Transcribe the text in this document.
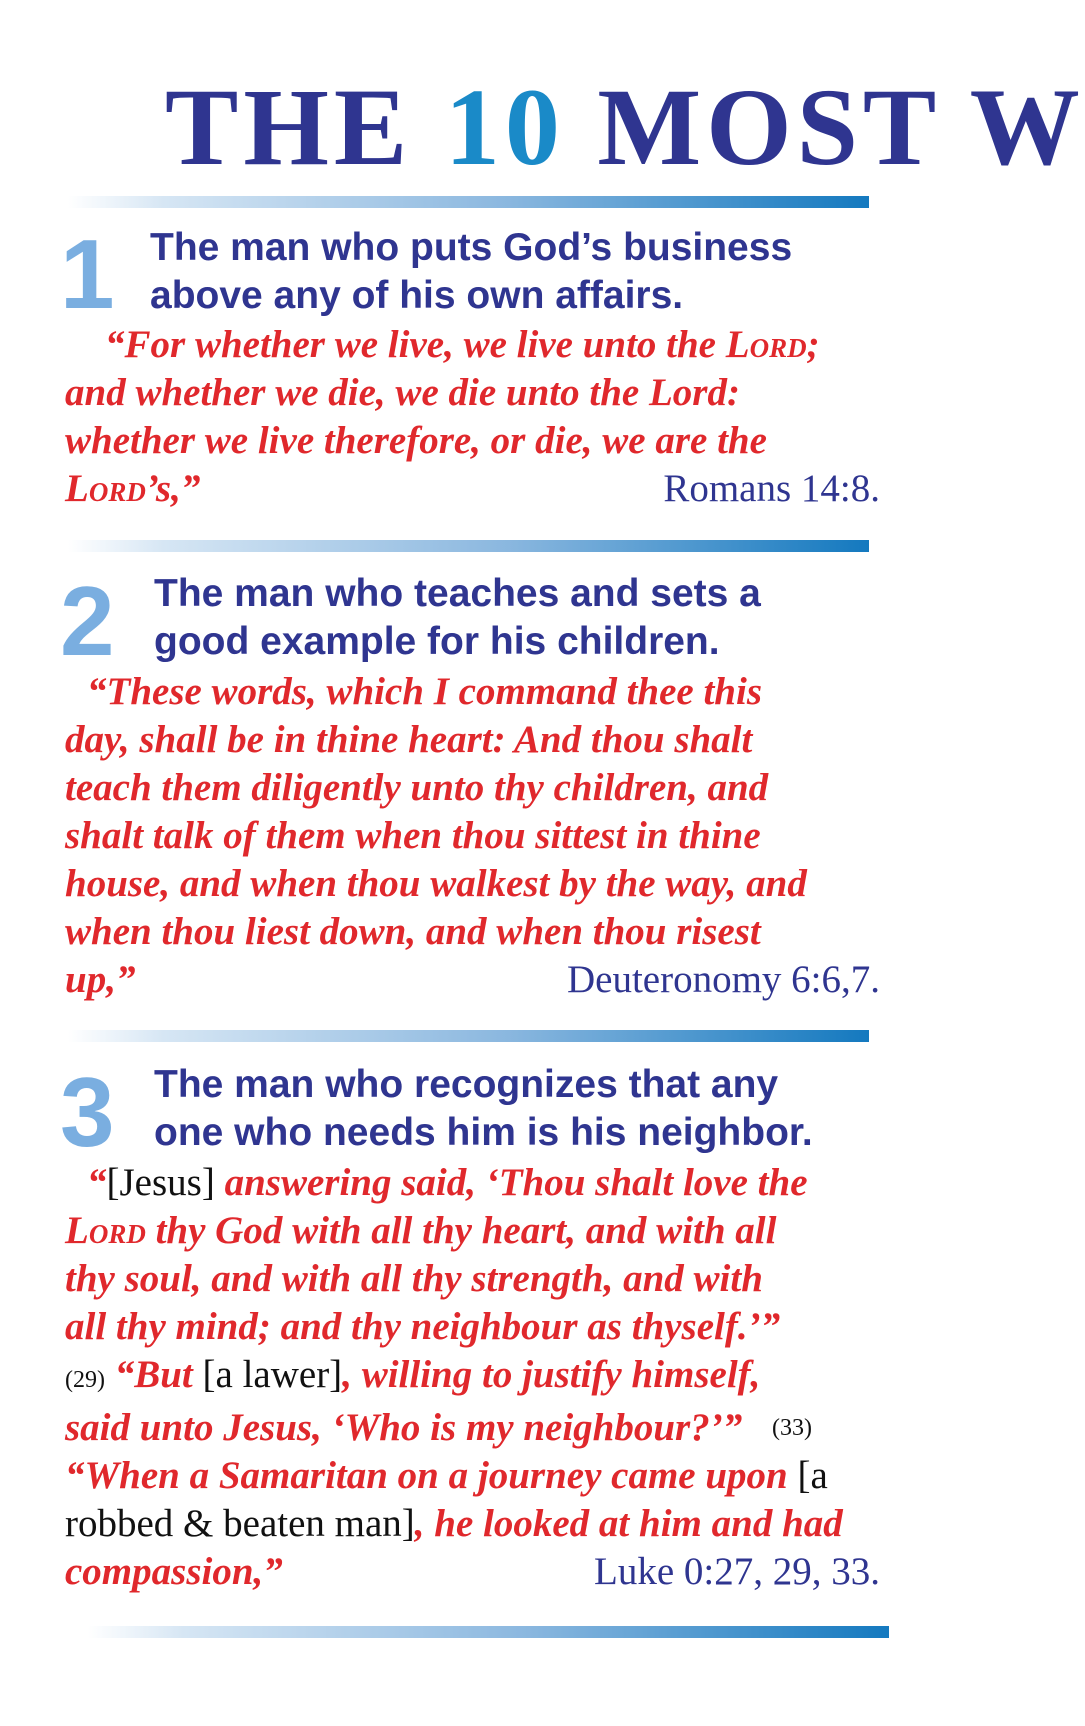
THE 10 MOST W
1 The man who puts God’s business
above any of his own affairs.
“For whether we live, we live unto the Lord;
and whether we die, we die unto the Lord:
whether we live therefore, or die, we are the
Lord’s,”	Romans 14:8.
2 The man who teaches and sets a
good example for his children.
“These words, which I command thee this
day, shall be in thine heart: And thou shalt
teach them diligently unto thy children, and
shalt talk of them when thou sittest in thine
house, and when thou walkest by the way, and
when thou liest down, and when thou risest
up,”	Deuteronomy 6:6,7.
3 The man who recognizes that any
one who needs him is his neighbor.
“[Jesus] answering said, ‘Thou shalt love the
Lord thy God with all thy heart, and with all
thy soul, and with all thy strength, and with
all thy mind; and thy neighbour as thyself.’”
(29) “But [a lawer], willing to justify himself,
said unto Jesus, ‘Who is my neighbour?’” (33)
“When a Samaritan on a journey came upon [a
robbed & beaten man], he looked at him and had
compassion,”	Luke 0:27, 29, 33.
